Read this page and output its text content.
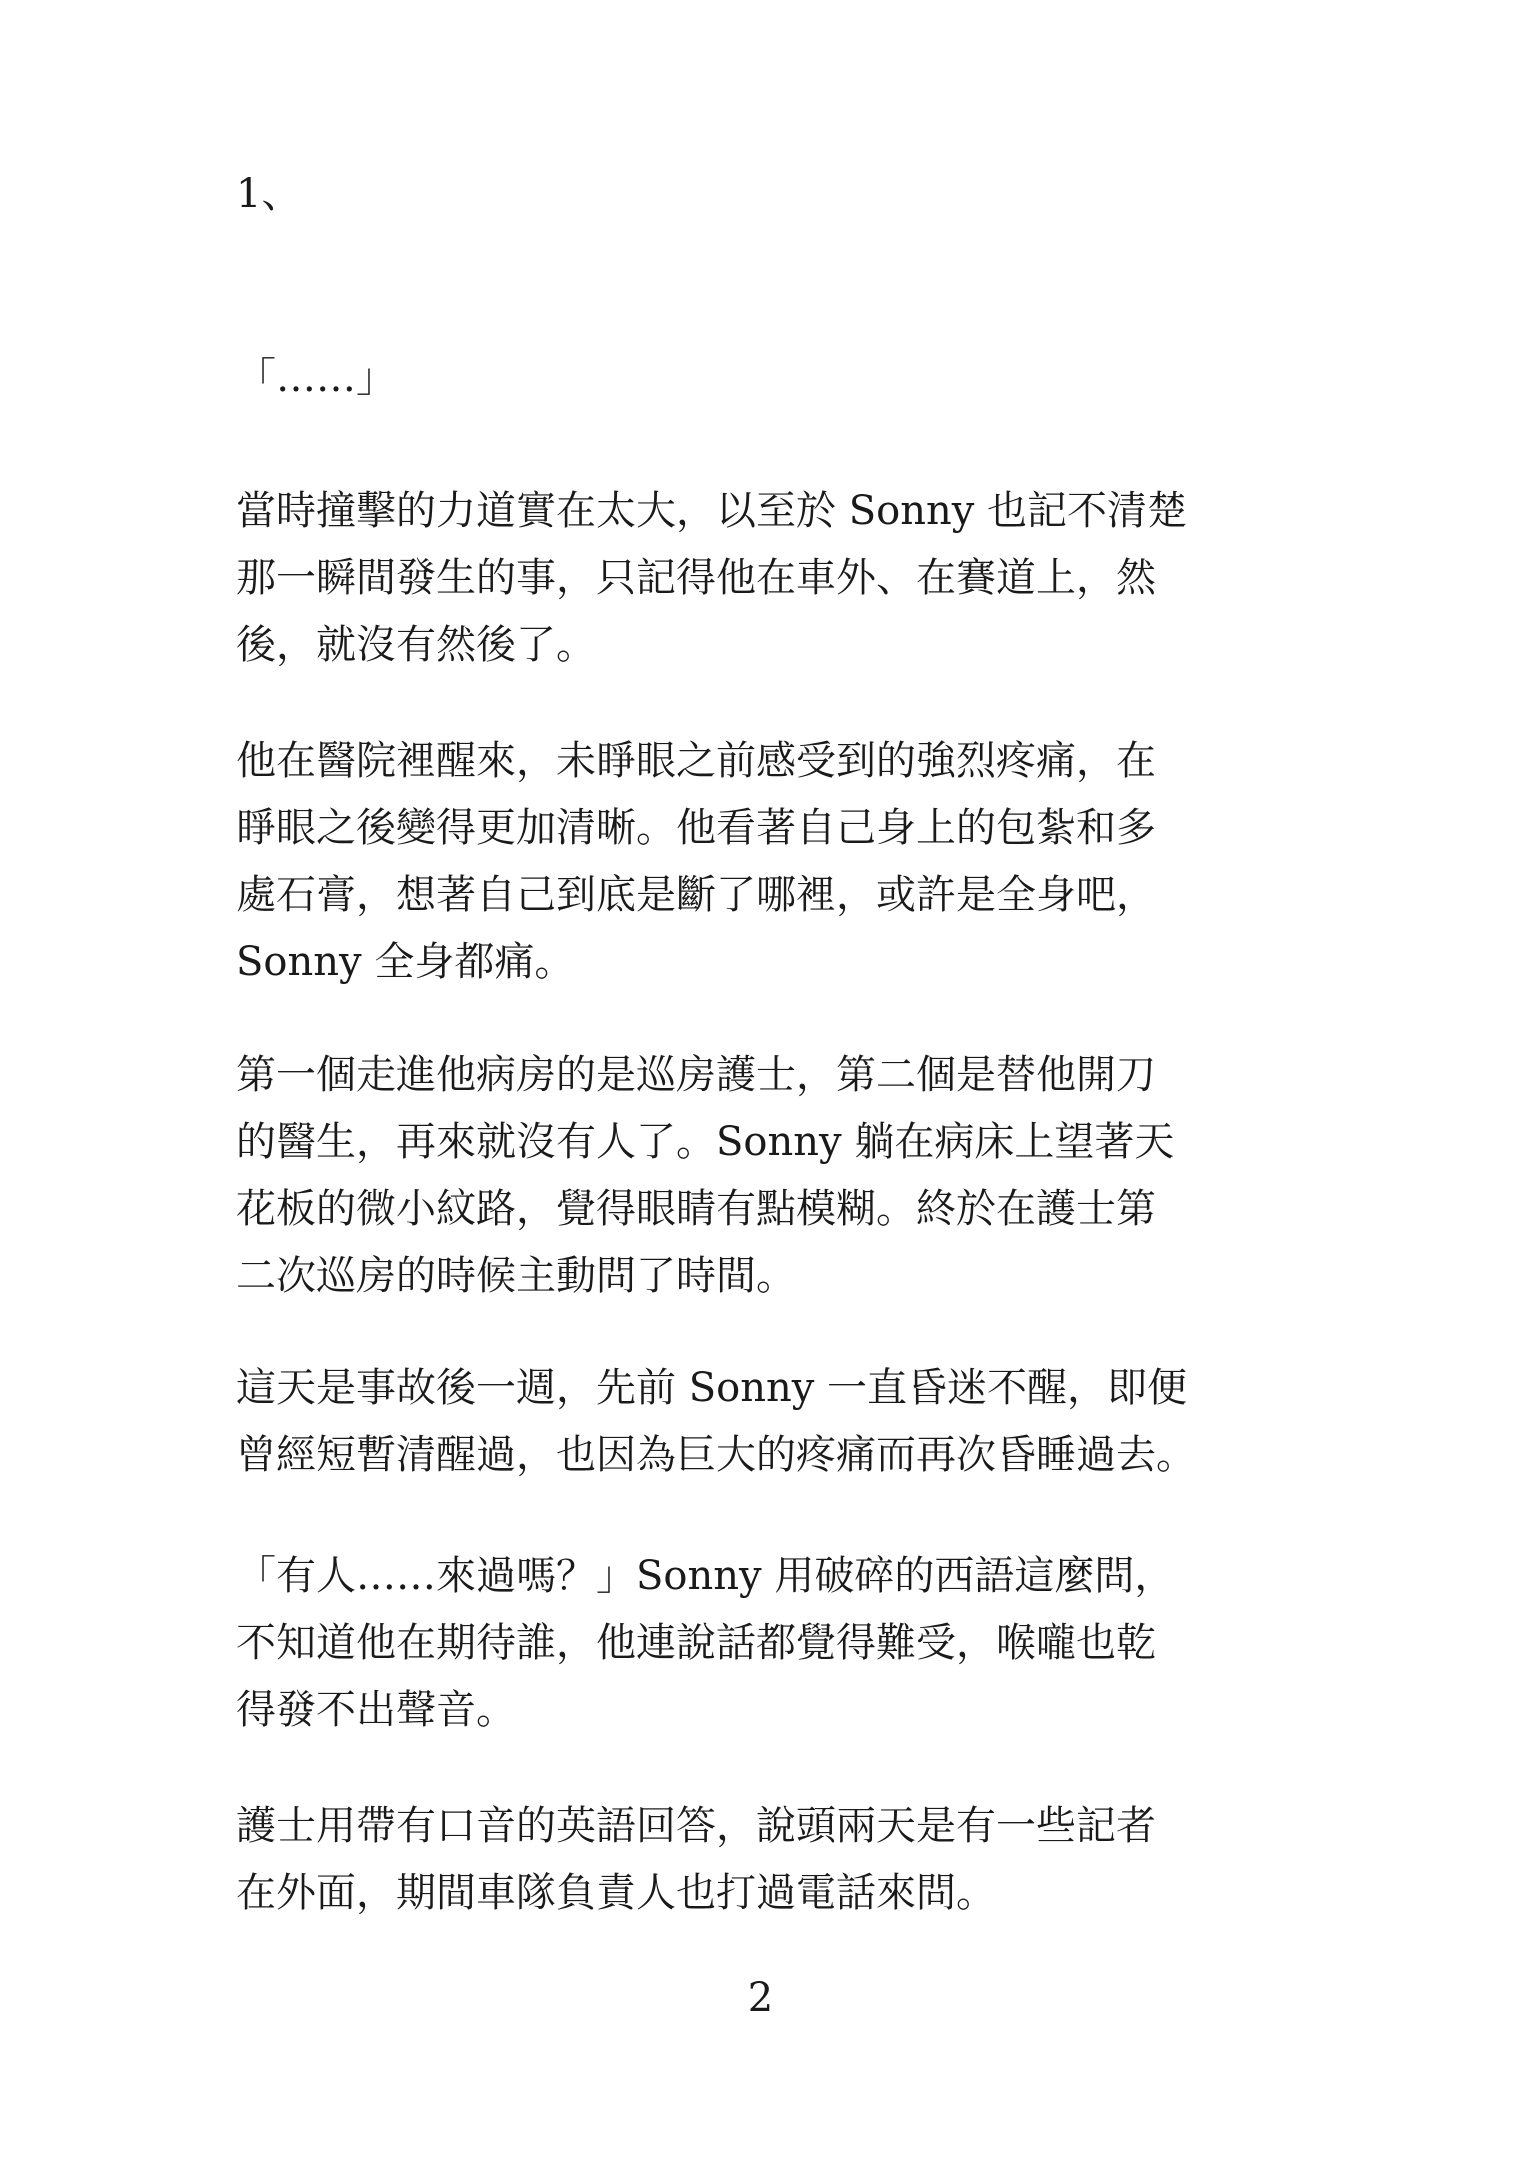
1、

「……」

當時撞擊的力道實在太大，以至於 Sonny 也記不清楚
那一瞬間發生的事，只記得他在車外、在賽道上，然
後，就沒有然後了。

他在醫院裡醒來，未睜眼之前感受到的強烈疼痛，在
睜眼之後變得更加清晰。他看著自己身上的包紮和多
處石膏，想著自己到底是斷了哪裡，或許是全身吧，
Sonny 全身都痛。

第一個走進他病房的是巡房護士，第二個是替他開刀
的醫生，再來就沒有人了。Sonny 躺在病床上望著天
花板的微小紋路，覺得眼睛有點模糊。終於在護士第
二次巡房的時候主動問了時間。

這天是事故後一週，先前 Sonny 一直昏迷不醒，即便
曾經短暫清醒過，也因為巨大的疼痛而再次昏睡過去。

「有人……來過嗎？」Sonny 用破碎的西語這麼問，
不知道他在期待誰，他連說話都覺得難受，喉嚨也乾
得發不出聲音。

護士用帶有口音的英語回答，說頭兩天是有一些記者
在外面，期間車隊負責人也打過電話來問。

2
